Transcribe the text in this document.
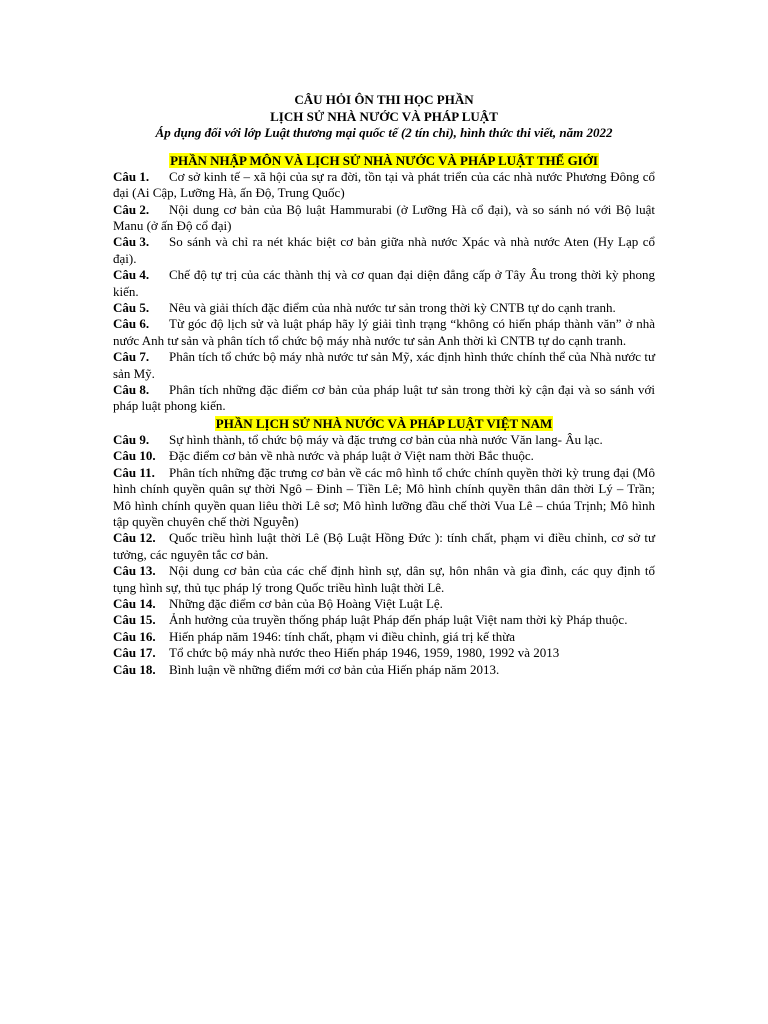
CÂU HỎI ÔN THI HỌC PHẦN

LỊCH SỬ NHÀ NƯỚC VÀ PHÁP LUẬT

Áp dụng đối với lớp Luật thương mại quốc tế (2 tín chỉ), hình thức thi viết, năm 2022

PHẦN NHẬP MÔN VÀ LỊCH SỬ NHÀ NƯỚC VÀ PHÁP LUẬT THẾ GIỚI

Câu 1. Cơ sở kinh tế – xã hội của sự ra đời, tồn tại và phát triển của các nhà nước Phương Đông cổ đại (Ai Cập, Lưỡng Hà, ấn Độ, Trung Quốc)

Câu 2. Nội dung cơ bản của Bộ luật Hammurabi (ở Lưỡng Hà cổ đại), và so sánh nó với Bộ luật Manu (ở ấn Độ cổ đại)

Câu 3. So sánh và chỉ ra nét khác biệt cơ bản giữa nhà nước Xpác và nhà nước Aten (Hy Lạp cổ đại).

Câu 4. Chế độ tự trị của các thành thị và cơ quan đại diện đẳng cấp ở Tây Âu trong thời kỳ phong kiến.

Câu 5. Nêu và giải thích đặc điểm của nhà nước tư sản trong thời kỳ CNTB tự do cạnh tranh.

Câu 6. Từ góc độ lịch sử và luật pháp hãy lý giải tình trạng “không có hiến pháp thành văn” ở nhà nước Anh tư sản và phân tích tổ chức bộ máy nhà nước tư sản Anh thời kì CNTB tự do cạnh tranh.

Câu 7. Phân tích tổ chức bộ máy nhà nước tư sản Mỹ, xác định hình thức chính thể của Nhà nước tư sản Mỹ.

Câu 8. Phân tích những đặc điểm cơ bản của pháp luật tư sản trong thời kỳ cận đại và so sánh với pháp luật phong kiến.

PHẦN LỊCH SỬ NHÀ NƯỚC VÀ PHÁP LUẬT VIỆT NAM

Câu 9. Sự hình thành, tổ chức bộ máy và đặc trưng cơ bản của nhà nước Văn lang- Âu lạc.

Câu 10. Đặc điểm cơ bản về nhà nước và pháp luật ở Việt nam thời Bắc thuộc.

Câu 11. Phân tích những đặc trưng cơ bản về các mô hình tổ chức chính quyền thời kỳ trung đại (Mô hình chính quyền quân sự thời Ngô – Đinh – Tiền Lê; Mô hình chính quyền thân dân thời Lý – Trần; Mô hình chính quyền quan liêu thời Lê sơ; Mô hình lưỡng đầu chế thời Vua Lê – chúa Trịnh; Mô hình tập quyền chuyên chế thời Nguyễn)

Câu 12. Quốc triều hình luật thời Lê (Bộ Luật Hồng Đức ): tính chất, phạm vi điều chỉnh, cơ sở tư tưởng, các nguyên tắc cơ bản.

Câu 13. Nội dung cơ bản của các chế định hình sự, dân sự, hôn nhân và gia đình, các quy định tố tụng hình sự, thủ tục pháp lý trong Quốc triều hình luật thời Lê.

Câu 14. Những đặc điểm cơ bản của Bộ Hoàng Việt Luật Lệ.

Câu 15. Ảnh hưởng của truyền thống pháp luật Pháp đến pháp luật Việt nam thời kỳ Pháp thuộc.

Câu 16. Hiến pháp năm 1946: tính chất, phạm vi điều chỉnh, giá trị kế thừa

Câu 17. Tổ chức bộ máy nhà nước theo Hiến pháp 1946, 1959, 1980, 1992 và 2013

Câu 18. Bình luận về những điểm mới cơ bản của Hiến pháp năm 2013.
